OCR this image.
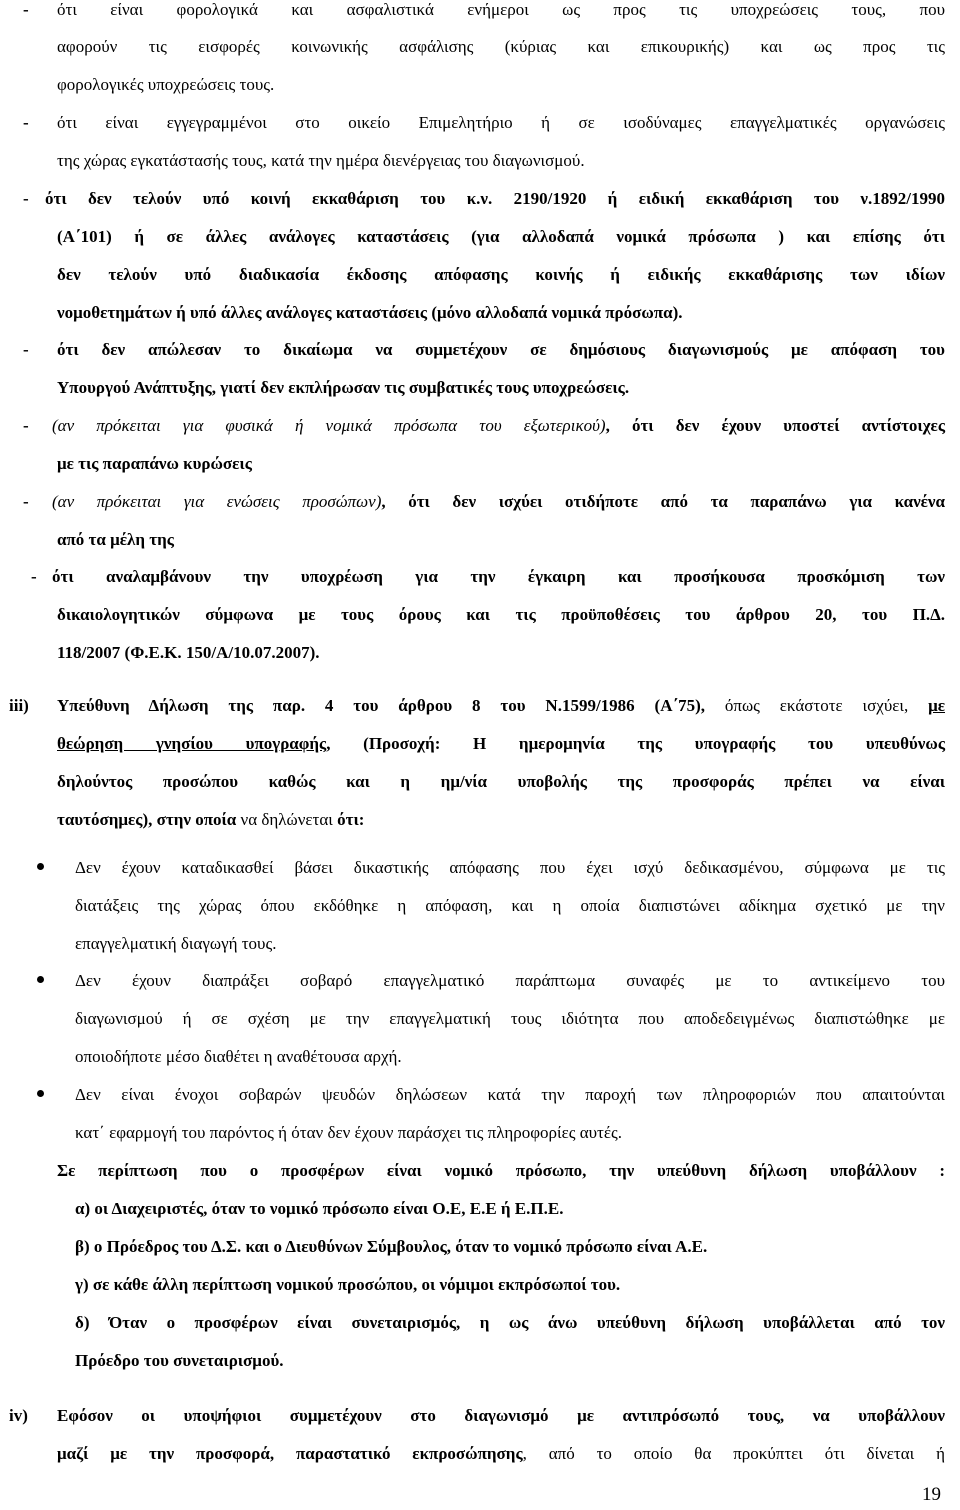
- ότι είναι φορολογικά και ασφαλιστικά ενήμεροι ως προς τις υποχρεώσεις τους, που
αφορούν τις εισφορές κοινωνικής ασφάλισης (κύριας και επικουρικής) και ως προς τις
φορολογικές υποχρεώσεις τους.
- ότι είναι εγγεγραμμένοι στο οικείο Επιμελητήριο ή σε ισοδύναμες επαγγελματικές οργανώσεις
της χώρας εγκατάστασής τους, κατά την ημέρα διενέργειας του διαγωνισμού.
- ότι δεν τελούν υπό κοινή εκκαθάριση του κ.ν. 2190/1920 ή ειδική εκκαθάριση του ν.1892/1990
(Α΄101) ή σε άλλες ανάλογες καταστάσεις (για αλλοδαπά νομικά πρόσωπα ) και επίσης ότι
δεν τελούν υπό διαδικασία έκδοσης απόφασης κοινής ή ειδικής εκκαθάρισης των ιδίων
νομοθετημάτων ή υπό άλλες ανάλογες καταστάσεις (μόνο αλλοδαπά νομικά πρόσωπα).
- ότι δεν απώλεσαν το δικαίωμα να συμμετέχουν σε δημόσιους διαγωνισμούς με απόφαση του
Υπουργού Ανάπτυξης, γιατί δεν εκπλήρωσαν τις συμβατικές τους υποχρεώσεις.
- (αν πρόκειται για φυσικά ή νομικά πρόσωπα του εξωτερικού), ότι δεν έχουν υποστεί αντίστοιχες
με τις παραπάνω κυρώσεις
- (αν πρόκειται για ενώσεις προσώπων), ότι δεν ισχύει οτιδήποτε από τα παραπάνω για κανένα
από τα μέλη της
- ότι αναλαμβάνουν την υποχρέωση για την έγκαιρη και προσήκουσα προσκόμιση των
δικαιολογητικών σύμφωνα με τους όρους και τις προϋποθέσεις του άρθρου 20, του Π.Δ.
118/2007 (Φ.Ε.Κ. 150/Α/10.07.2007).
iii) Υπεύθυνη Δήλωση της παρ. 4 του άρθρου 8 του Ν.1599/1986 (Α΄75), όπως εκάστοτε ισχύει, με
θεώρηση γνησίου υπογραφής, (Προσοχή: Η ημερομηνία της υπογραφής του υπευθύνως
δηλούντος προσώπου καθώς και η ημ/νία υποβολής της προσφοράς πρέπει να είναι
ταυτόσημες), στην οποία να δηλώνεται ότι:
Δεν έχουν καταδικασθεί βάσει δικαστικής απόφασης που έχει ισχύ δεδικασμένου, σύμφωνα με τις
διατάξεις της χώρας όπου εκδόθηκε η απόφαση, και η οποία διαπιστώνει αδίκημα σχετικό με την
επαγγελματική διαγωγή τους.
Δεν έχουν διαπράξει σοβαρό επαγγελματικό παράπτωμα συναφές με το αντικείμενο του
διαγωνισμού ή σε σχέση με την επαγγελματική τους ιδιότητα που αποδεδειγμένως διαπιστώθηκε με
οποιοδήποτε μέσο διαθέτει η αναθέτουσα αρχή.
Δεν είναι ένοχοι σοβαρών ψευδών δηλώσεων κατά την παροχή των πληροφοριών που απαιτούνται
κατ΄ εφαρμογή του παρόντος ή όταν δεν έχουν παράσχει τις πληροφορίες αυτές.
Σε περίπτωση που ο προσφέρων είναι νομικό πρόσωπο, την υπεύθυνη δήλωση υποβάλλουν :
α) οι Διαχειριστές, όταν το νομικό πρόσωπο είναι Ο.Ε, Ε.Ε ή Ε.Π.Ε.
β) ο Πρόεδρος του Δ.Σ. και ο Διευθύνων Σύμβουλος, όταν το νομικό πρόσωπο είναι Α.Ε.
γ) σε κάθε άλλη περίπτωση νομικού προσώπου, οι νόμιμοι εκπρόσωποί του.
δ) Όταν ο προσφέρων είναι συνεταιρισμός, η ως άνω υπεύθυνη δήλωση υποβάλλεται από τον
Πρόεδρο του συνεταιρισμού.
iv) Εφόσον οι υποψήφιοι συμμετέχουν στο διαγωνισμό με αντιπρόσωπό τους, να υποβάλλουν
μαζί με την προσφορά, παραστατικό εκπροσώπησης, από το οποίο θα προκύπτει ότι δίνεται ή
19
